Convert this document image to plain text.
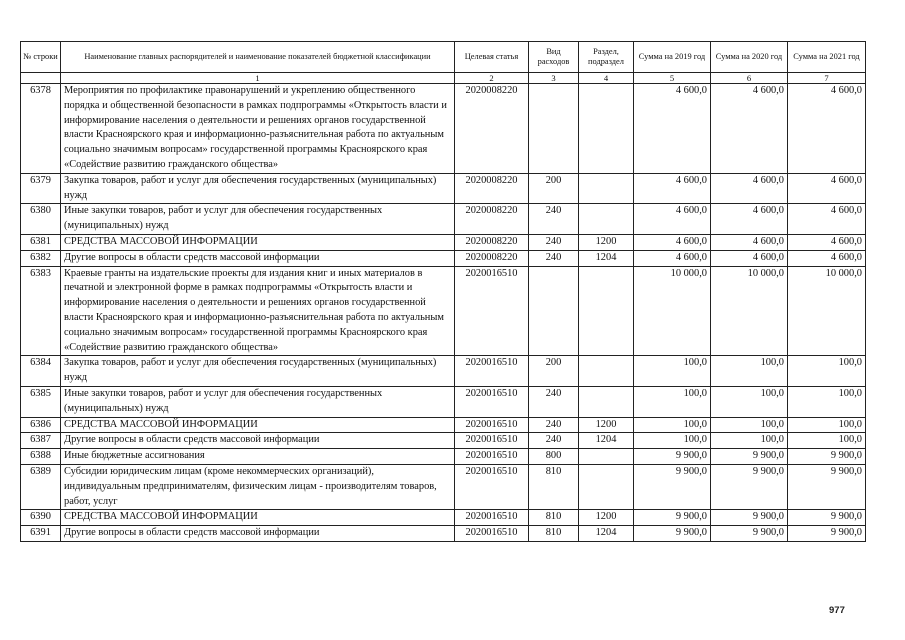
№ строки	Наименование главных распорядителей и наименование показателей бюджетной классификации	Целевая статья	Вид расходов	Раздел, подраздел	Сумма на 2019 год	Сумма на 2020 год	Сумма на 2021 год
	1	2	3	4	5	6	7
6378	Мероприятия по профилактике правонарушений и укреплению общественного порядка и общественной безопасности в рамках подпрограммы «Открытость власти и информирование населения о деятельности и решениях органов государственной власти Красноярского края и информационно-разъяснительная работа по актуальным социально значимым вопросам» государственной программы Красноярского края «Содействие развитию гражданского общества»	2020008220			4 600,0	4 600,0	4 600,0
6379	Закупка товаров, работ и услуг для обеспечения государственных (муниципальных) нужд	2020008220	200		4 600,0	4 600,0	4 600,0
6380	Иные закупки товаров, работ и услуг для обеспечения государственных (муниципальных) нужд	2020008220	240		4 600,0	4 600,0	4 600,0
6381	СРЕДСТВА МАССОВОЙ ИНФОРМАЦИИ	2020008220	240	1200	4 600,0	4 600,0	4 600,0
6382	Другие вопросы в области средств массовой информации	2020008220	240	1204	4 600,0	4 600,0	4 600,0
6383	Краевые гранты на издательские проекты для издания книг и иных материалов в печатной и электронной форме в рамках подпрограммы «Открытость власти и информирование населения о деятельности и решениях органов государственной власти Красноярского края и информационно-разъяснительная работа по актуальным социально значимым вопросам» государственной программы Красноярского края «Содействие развитию гражданского общества»	2020016510			10 000,0	10 000,0	10 000,0
6384	Закупка товаров, работ и услуг для обеспечения государственных (муниципальных) нужд	2020016510	200		100,0	100,0	100,0
6385	Иные закупки товаров, работ и услуг для обеспечения государственных (муниципальных) нужд	2020016510	240		100,0	100,0	100,0
6386	СРЕДСТВА МАССОВОЙ ИНФОРМАЦИИ	2020016510	240	1200	100,0	100,0	100,0
6387	Другие вопросы в области средств массовой информации	2020016510	240	1204	100,0	100,0	100,0
6388	Иные бюджетные ассигнования	2020016510	800		9 900,0	9 900,0	9 900,0
6389	Субсидии юридическим лицам (кроме некоммерческих организаций), индивидуальным предпринимателям, физическим лицам - производителям товаров, работ, услуг	2020016510	810		9 900,0	9 900,0	9 900,0
6390	СРЕДСТВА МАССОВОЙ ИНФОРМАЦИИ	2020016510	810	1200	9 900,0	9 900,0	9 900,0
6391	Другие вопросы в области средств массовой информации	2020016510	810	1204	9 900,0	9 900,0	9 900,0
977
